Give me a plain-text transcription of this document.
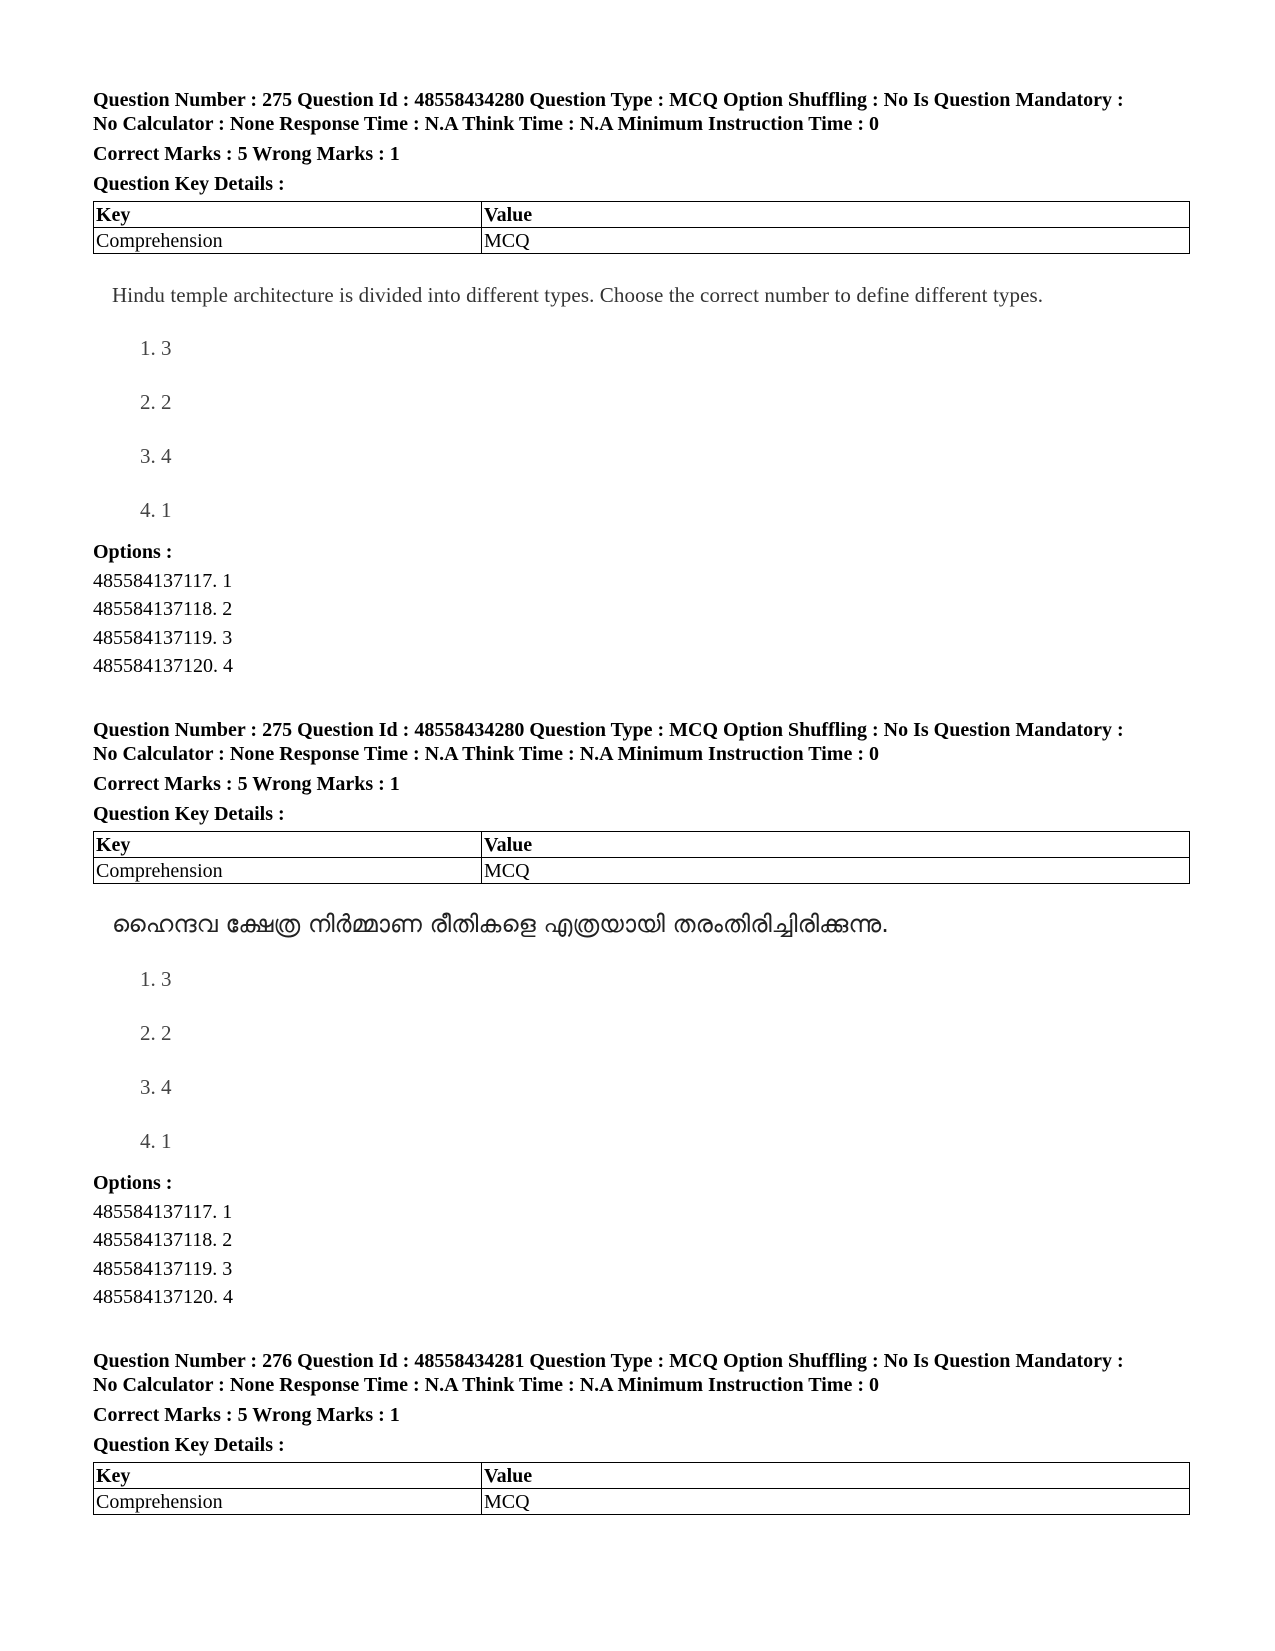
Question Number : 275 Question Id : 48558434280 Question Type : MCQ Option Shuffling : No Is Question Mandatory :
No Calculator : None Response Time : N.A Think Time : N.A Minimum Instruction Time : 0
Correct Marks : 5 Wrong Marks : 1
Question Key Details :
Key	Value
Comprehension	MCQ
Hindu temple architecture is divided into different types. Choose the correct number to define different types.
1. 3
2. 2
3. 4
4. 1
Options :
485584137117. 1
485584137118. 2
485584137119. 3
485584137120. 4
Question Number : 275 Question Id : 48558434280 Question Type : MCQ Option Shuffling : No Is Question Mandatory :
No Calculator : None Response Time : N.A Think Time : N.A Minimum Instruction Time : 0
Correct Marks : 5 Wrong Marks : 1
Question Key Details :
Key	Value
Comprehension	MCQ
ഹൈന്ദവ ക്ഷേത്ര നിർമ്മാണ രീതികളെ എത്രയായി തരംതിരിച്ചിരിക്കുന്നു.
1. 3
2. 2
3. 4
4. 1
Options :
485584137117. 1
485584137118. 2
485584137119. 3
485584137120. 4
Question Number : 276 Question Id : 48558434281 Question Type : MCQ Option Shuffling : No Is Question Mandatory :
No Calculator : None Response Time : N.A Think Time : N.A Minimum Instruction Time : 0
Correct Marks : 5 Wrong Marks : 1
Question Key Details :
Key	Value
Comprehension	MCQ
